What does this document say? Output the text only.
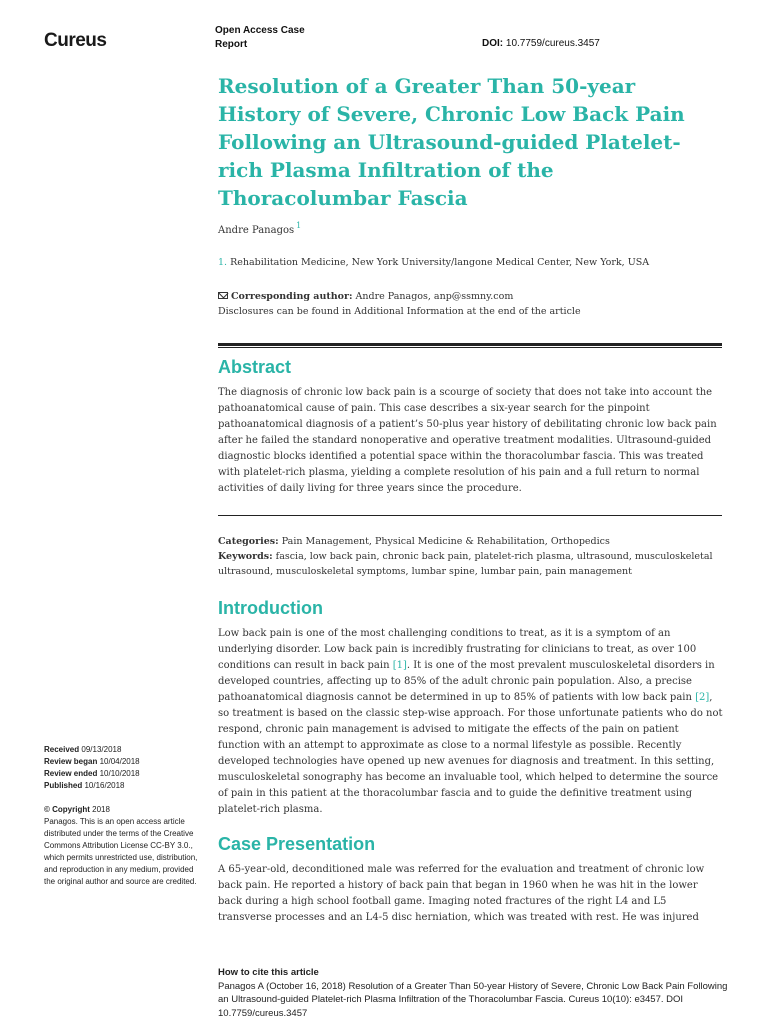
Cureus	Open Access Case
Report	DOI: 10.7759/cureus.3457
Resolution of a Greater Than 50-year History of Severe, Chronic Low Back Pain Following an Ultrasound-guided Platelet-rich Plasma Infiltration of the Thoracolumbar Fascia
Andre Panagos $^1$
1. Rehabilitation Medicine, New York University/langone Medical Center, New York, USA
Corresponding author: Andre Panagos, anp@ssmny.com
Disclosures can be found in Additional Information at the end of the article
Abstract

The diagnosis of chronic low back pain is a scourge of society that does not take into account the pathoanatomical cause of pain. This case describes a six-year search for the pinpoint pathoanatomical diagnosis of a patient’s 50-plus year history of debilitating chronic low back pain after he failed the standard nonoperative and operative treatment modalities. Ultrasound-guided diagnostic blocks identified a potential space within the thoracolumbar fascia. This was treated with platelet-rich plasma, yielding a complete resolution of his pain and a full return to normal activities of daily living for three years since the procedure.

Categories: Pain Management, Physical Medicine & Rehabilitation, Orthopedics
Keywords: fascia, low back pain, chronic back pain, platelet-rich plasma, ultrasound, musculoskeletal ultrasound, musculoskeletal symptoms, lumbar spine, lumbar pain, pain management
Introduction

Low back pain is one of the most challenging conditions to treat, as it is a symptom of an underlying disorder. Low back pain is incredibly frustrating for clinicians to treat, as over 100 conditions can result in back pain [1]. It is one of the most prevalent musculoskeletal disorders in developed countries, affecting up to 85% of the adult chronic pain population. Also, a precise pathoanatomical diagnosis cannot be determined in up to 85% of patients with low back pain [2], so treatment is based on the classic step-wise approach. For those unfortunate patients who do not respond, chronic pain management is advised to mitigate the effects of the pain on patient function with an attempt to approximate as close to a normal lifestyle as possible. Recently developed technologies have opened up new avenues for diagnosis and treatment. In this setting, musculoskeletal sonography has become an invaluable tool, which helped to determine the source of pain in this patient at the thoracolumbar fascia and to guide the definitive treatment using platelet-rich plasma.

Case Presentation

A 65-year-old, deconditioned male was referred for the evaluation and treatment of chronic low back pain. He reported a history of back pain that began in 1960 when he was hit in the lower back during a high school football game. Imaging noted fractures of the right L4 and L5 transverse processes and an L4-5 disc herniation, which was treated with rest. He was injured

Received 09/13/2018
Review began 10/04/2018
Review ended 10/10/2018
Published 10/16/2018
© Copyright 2018
Panagos. This is an open access article distributed under the terms of the Creative Commons Attribution License CC-BY 3.0., which permits unrestricted use, distribution, and reproduction in any medium, provided the original author and source are credited.
How to cite this article
Panagos A (October 16, 2018) Resolution of a Greater Than 50-year History of Severe, Chronic Low Back Pain Following an Ultrasound-guided Platelet-rich Plasma Infiltration of the Thoracolumbar Fascia. Cureus 10(10): e3457. DOI 10.7759/cureus.3457
